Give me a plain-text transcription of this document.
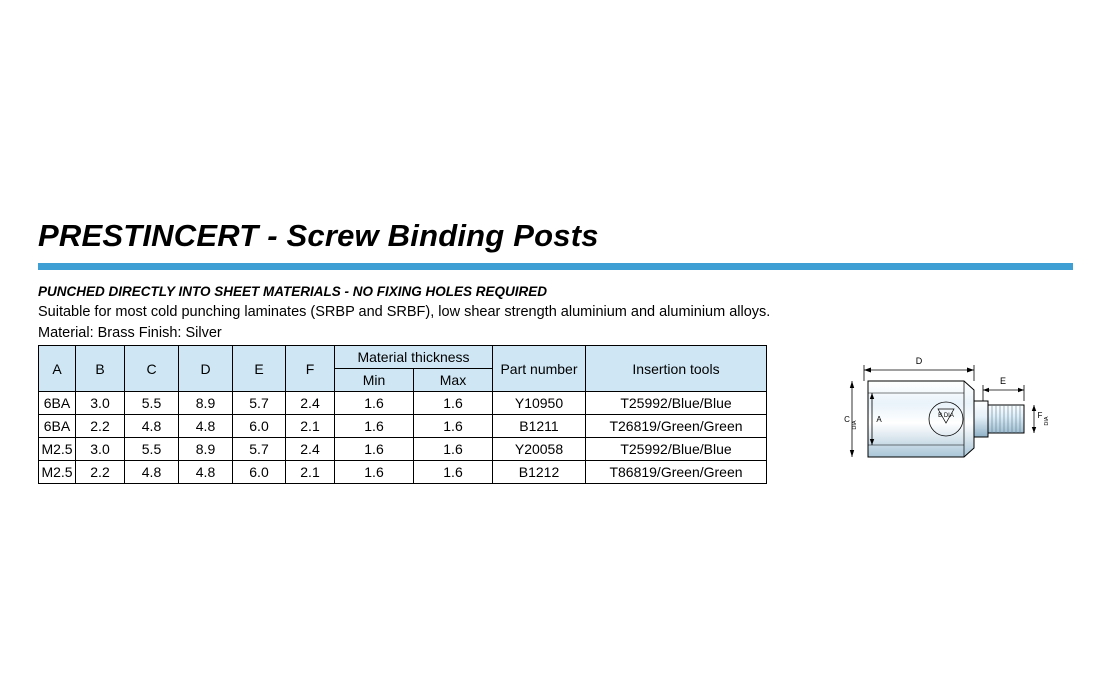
PRESTINCERT - Screw Binding Posts
PUNCHED DIRECTLY INTO SHEET MATERIALS - NO FIXING HOLES REQUIRED
Suitable for most cold punching laminates (SRBP and SRBF), low shear strength aluminium and aluminium alloys.
Material: Brass Finish: Silver
A	B	C	D	E	F	Material thickness		Part number	Insertion tools
						Min	Max		
6BA	3.0	5.5	8.9	5.7	2.4	1.6	1.6	Y10950	T25992/Blue/Blue
6BA	2.2	4.8	4.8	6.0	2.1	1.6	1.6	B1211	T26819/Green/Green
M2.5	3.0	5.5	8.9	5.7	2.4	1.6	1.6	Y20058	T25992/Blue/Blue
M2.5	2.2	4.8	4.8	6.0	2.1	1.6	1.6	B1212	T86819/Green/Green
D
E
B DIA
C
DIA
A	F
DIA
